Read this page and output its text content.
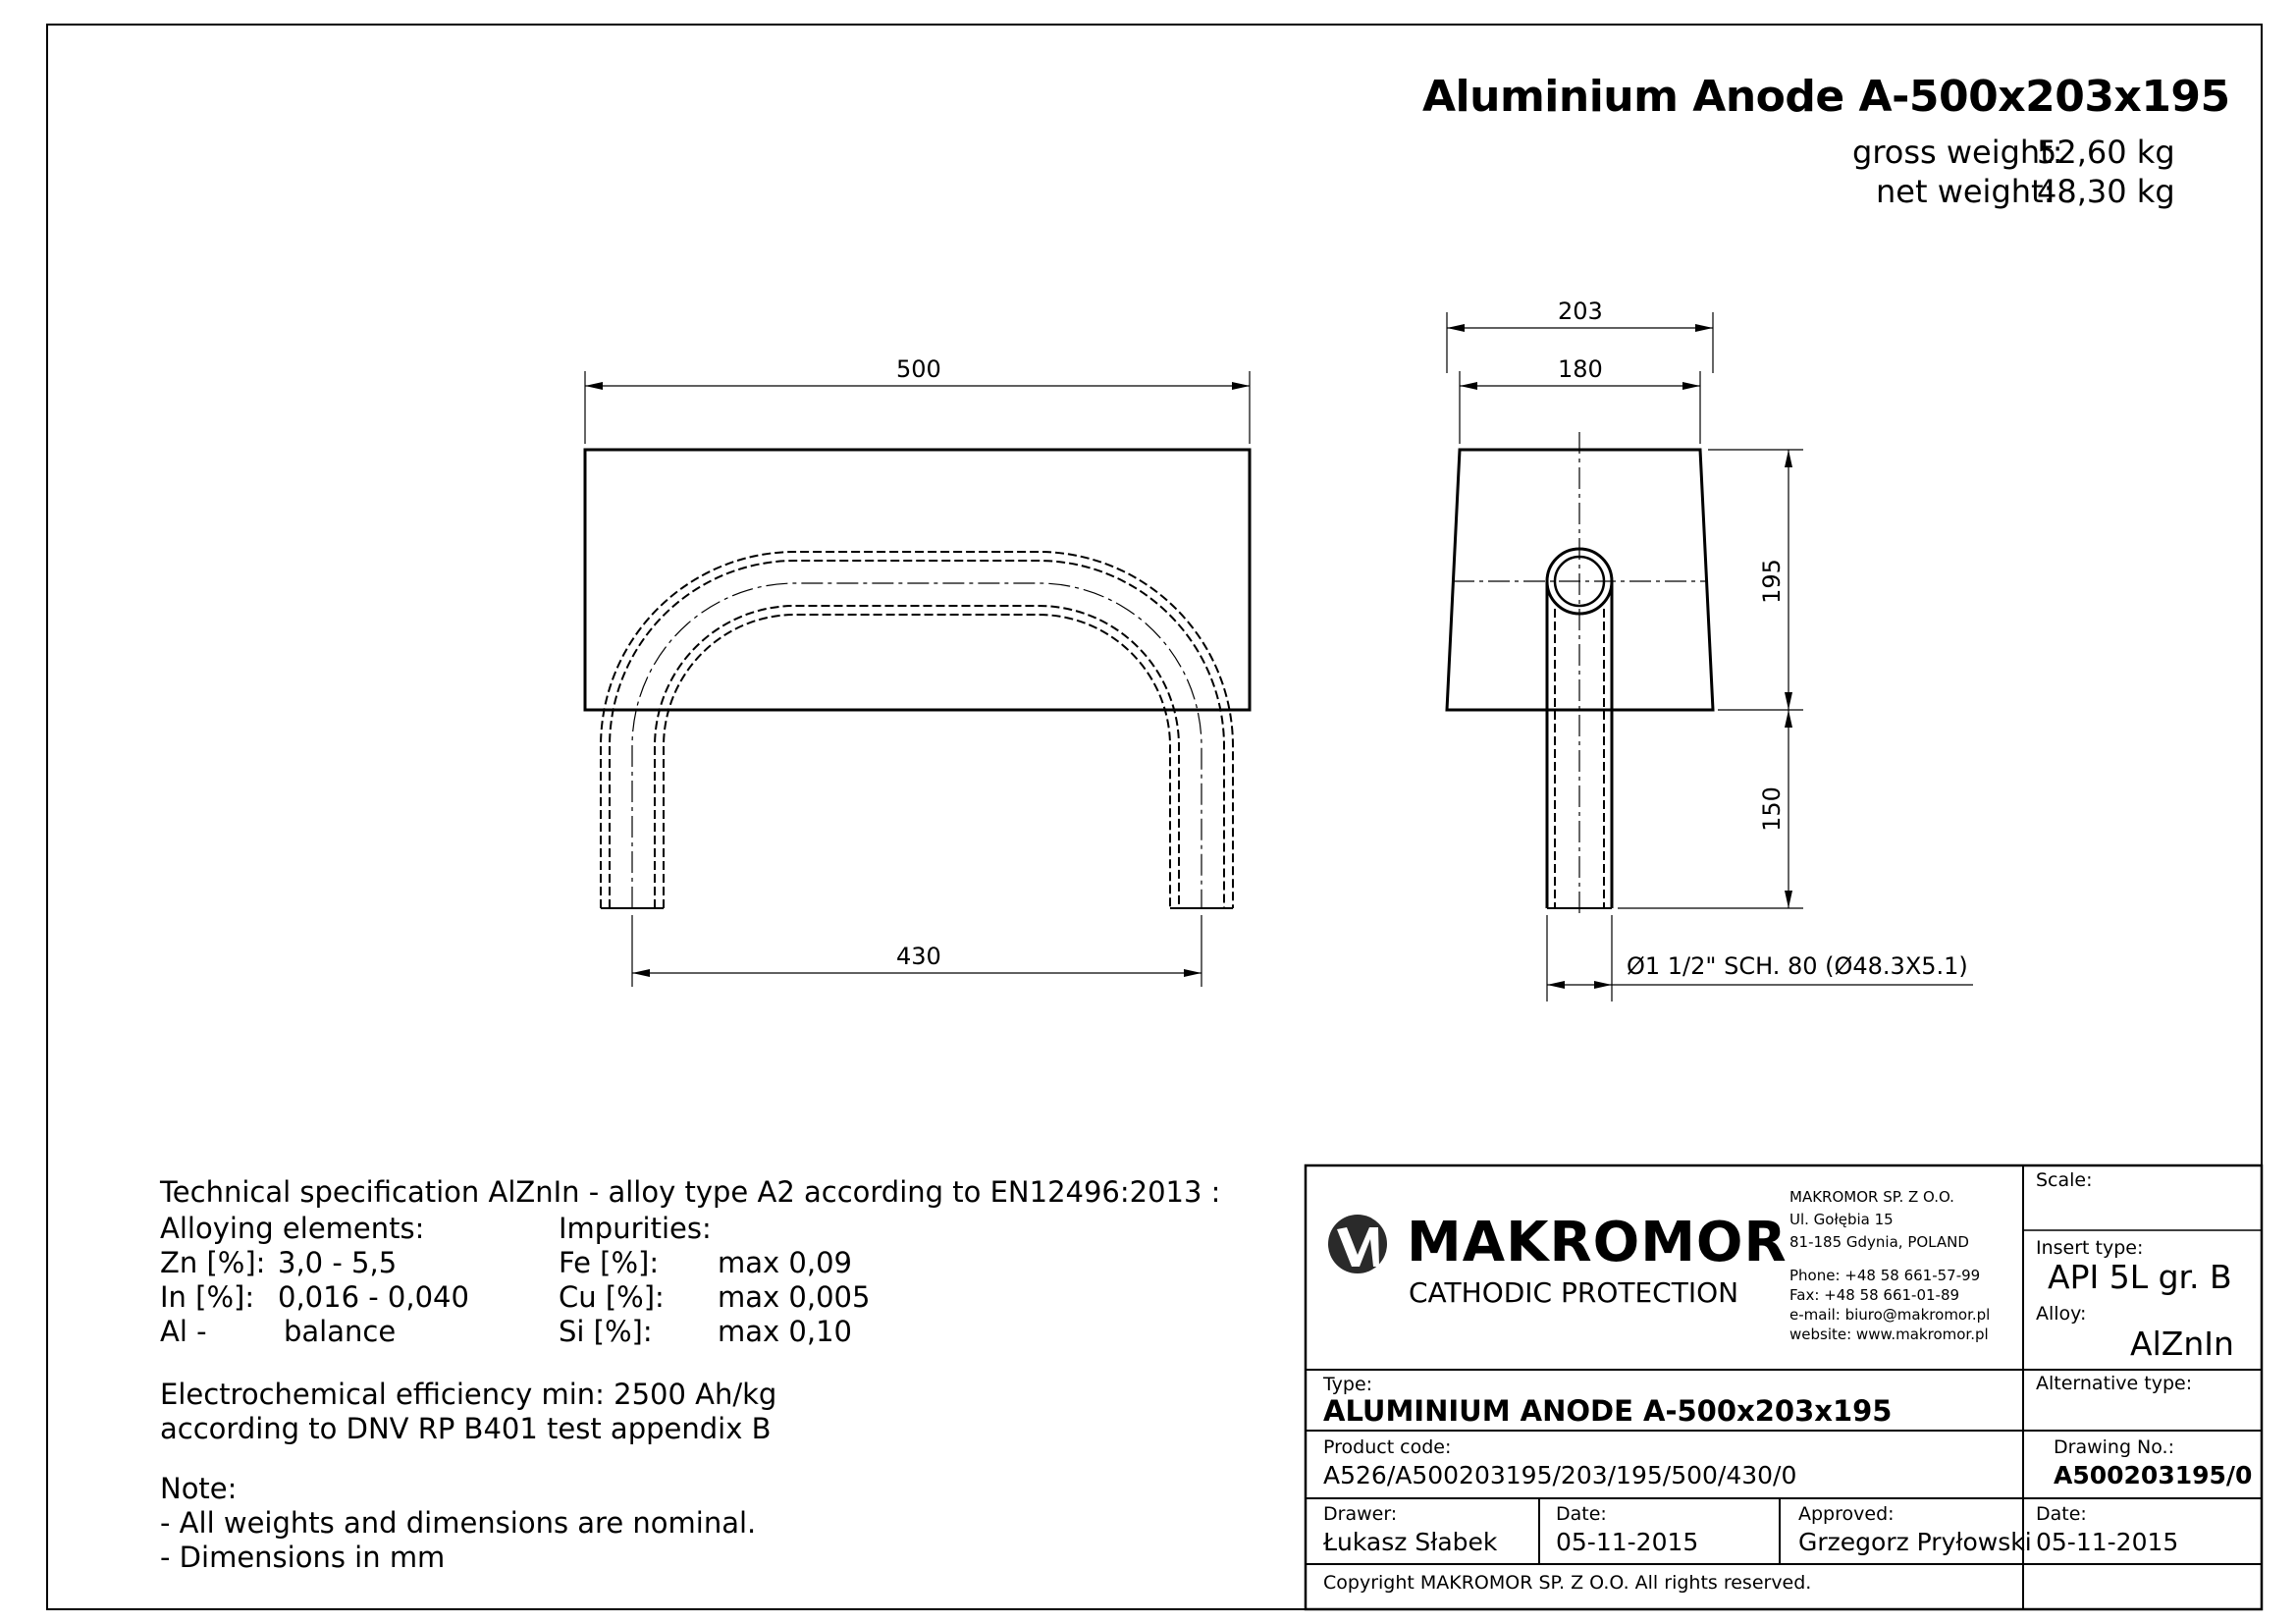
Aluminium Anode A-500x203x195
gross weight:
52,60 kg
net weight:
48,30 kg
500
430
203
180
195
150
Ø1 1/2" SCH. 80 (Ø48.3X5.1)
Technical specification AlZnIn - alloy type A2 according to EN12496:2013 :
Alloying elements:	Impurities:
Zn [%]: 3,0 - 5,5
In [%]: 0,016 - 0,040
Al -	balance
Fe [%]: max 0,09
Cu [%]: max 0,005
Si [%]: max 0,10
Electrochemical efficiency min: 2500 Ah/kg
according to DNV RP B401 test appendix B
Note:
- All weights and dimensions are nominal.
- Dimensions in mm
MAKROMOR
CATHODIC PROTECTION
MAKROMOR SP. Z O.O.
Ul. Gołębia 15
81-185 Gdynia, POLAND
Phone: +48 58 661-57-99
Fax: +48 58 661-01-89
e-mail: biuro@makromor.pl
website: www.makromor.pl
Scale:
Insert type:
API 5L gr. B
Alloy:
AlZnIn
Type:
ALUMINIUM ANODE A-500x203x195
Alternative type:
Product code:
A526/A500203195/203/195/500/430/0
Drawing No.:
A500203195/0
Drawer:
Łukasz Słabek
Date:
05-11-2015
Approved:
Grzegorz Pryłowski
Date:
05-11-2015
Copyright MAKROMOR SP. Z O.O. All rights reserved.
